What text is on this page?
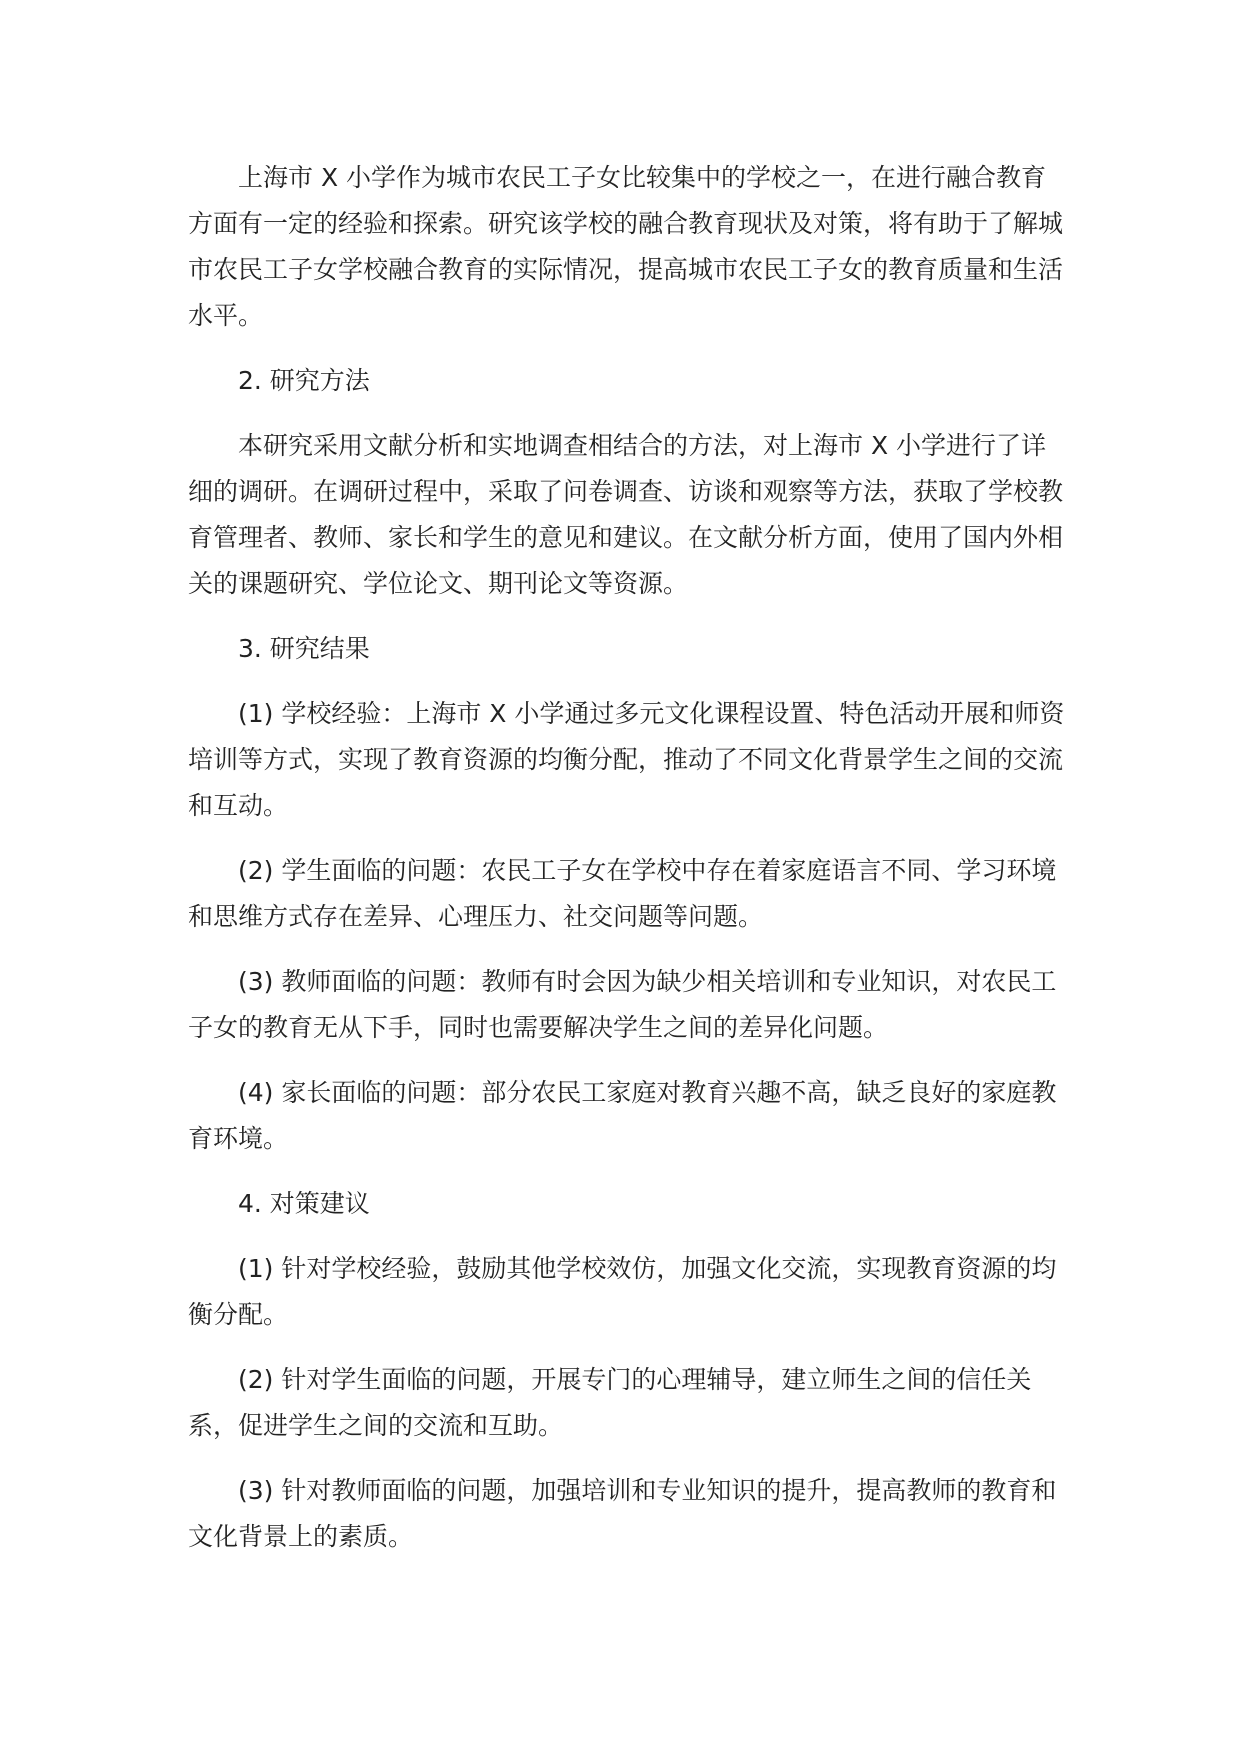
上海市 X 小学作为城市农民工子女比较集中的学校之一，在进行融合教育方面有一定的经验和探索。研究该学校的融合教育现状及对策，将有助于了解城市农民工子女学校融合教育的实际情况，提高城市农民工子女的教育质量和生活水平。

2. 研究方法

本研究采用文献分析和实地调查相结合的方法，对上海市 X 小学进行了详细的调研。在调研过程中，采取了问卷调查、访谈和观察等方法，获取了学校教育管理者、教师、家长和学生的意见和建议。在文献分析方面，使用了国内外相关的课题研究、学位论文、期刊论文等资源。

3. 研究结果

(1) 学校经验：上海市 X 小学通过多元文化课程设置、特色活动开展和师资培训等方式，实现了教育资源的均衡分配，推动了不同文化背景学生之间的交流和互动。

(2) 学生面临的问题：农民工子女在学校中存在着家庭语言不同、学习环境和思维方式存在差异、心理压力、社交问题等问题。

(3) 教师面临的问题：教师有时会因为缺少相关培训和专业知识，对农民工子女的教育无从下手，同时也需要解决学生之间的差异化问题。

(4) 家长面临的问题：部分农民工家庭对教育兴趣不高，缺乏良好的家庭教育环境。

4. 对策建议

(1) 针对学校经验，鼓励其他学校效仿，加强文化交流，实现教育资源的均衡分配。

(2) 针对学生面临的问题，开展专门的心理辅导，建立师生之间的信任关系，促进学生之间的交流和互助。

(3) 针对教师面临的问题，加强培训和专业知识的提升，提高教师的教育和文化背景上的素质。
